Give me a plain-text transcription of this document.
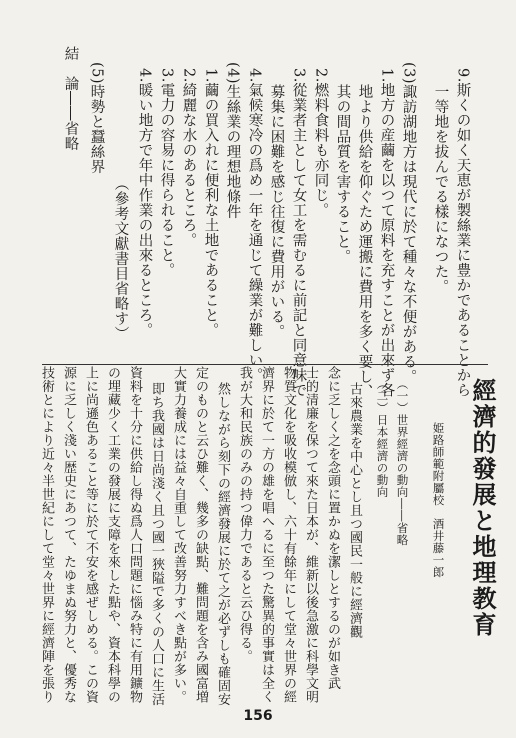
9.斯くの如く天恵が製絲業に豊かであることから
一等地を拔んでる樣になつた。
(3)諏訪湖地方は現代に於て種々な不便がある。
1.地方の産繭を以つて原料を充すことが出來ず各
地より供給を仰ぐため運搬に費用を多く要し、
其の間品質を害すること。
2.燃料食料も亦同じ。
3.從業者主として女工を需むるに前記と同意味で
募集に困難を感じ往復に費用がいる。
4.氣候寒冷の爲め一年を通じて繰業が難しい。
(4)生絲業の理想地條件
1.繭の買入れに便利な土地であること。
2.綺麗な水のあるところ。
3.電力の容易に得られること。
4.暖い地方で年中作業の出來るところ。
（參考文獻書目省略す）
(5)時勢と蠶絲界
結　論――省略
經濟的發展と地理教育
姫路師範附屬校　酒井藤一郎
（一）世界經濟の動向――省略
（二）日本經濟の動向
古來農業を中心とし且つ國民一般に經濟觀
念に乏しく之を念頭に置かぬを潔しとするのが如き武
士的清廉を保つて來た日本が、維新以後急激に科學文明
物質文化を吸收模倣し、六十有餘年にして堂々世界の經
濟界に於て一方の雄を唱へるに至つた驚異的事實は全く
我が大和民族のみの持つ偉力であると云ひ得る。
然しながら刻下の經濟發展に於て之が必ずしも確固安
定のものと云ひ難く、幾多の缺點、難問題を含み國富増
大實力養成には益々自重して改善努力すべき點が多い。
即ち我國は日尚淺く且つ國一狹隘で多くの人口に生活
資料を十分に供給し得ぬ爲人口問題に惱み特に有用鑛物
の埋藏少く工業の發展に支障を來した點や、資本科學の
上に尚遜色あること等に於て不安を感ぜしめる。この資
源に乏しく淺い歴史にあつて、たゆまぬ努力と、優秀な
技術とにより近々半世紀にして堂々世界に經濟陣を張り
156
